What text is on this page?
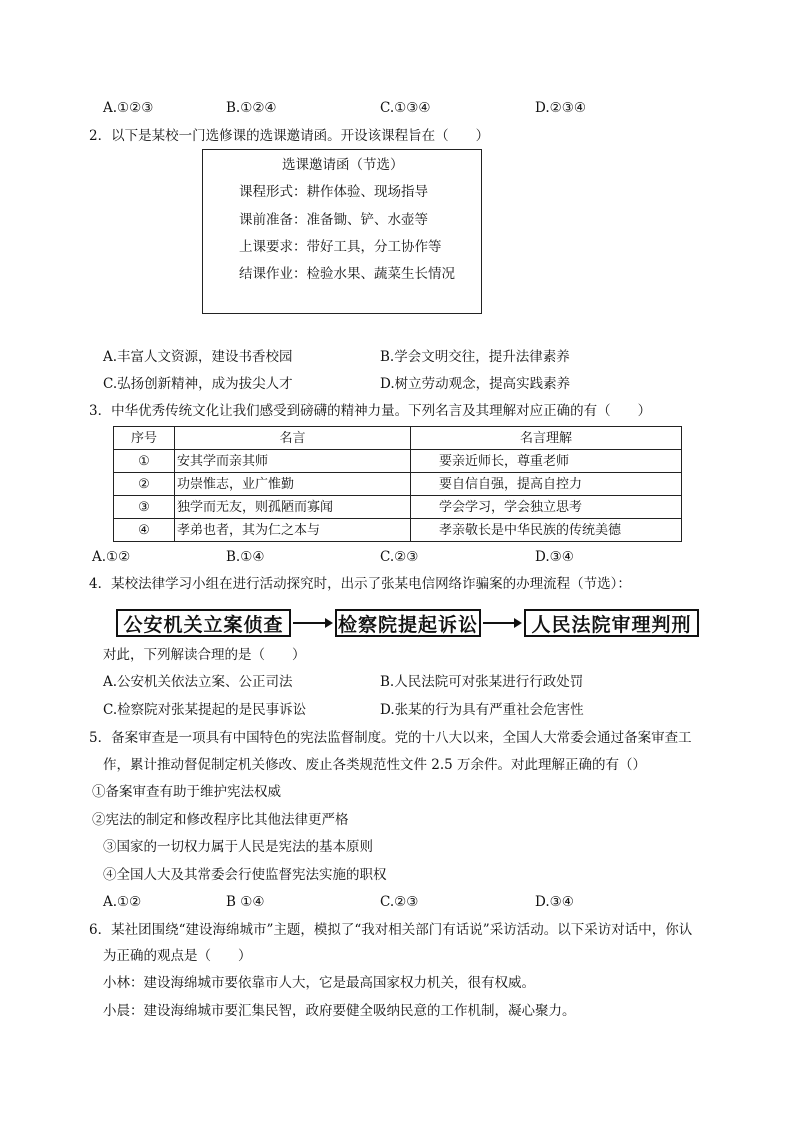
A.①②③	B.①②④	C.①③④	D.②③④
2．以下是某校一门选修课的选课邀请函。开设该课程旨在（　　）
选课邀请函（节选）
课程形式：耕作体验、现场指导
课前准备：准备锄、铲、水壶等
上课要求：带好工具，分工协作等
结课作业：检验水果、蔬菜生长情况
A.丰富人文资源，建设书香校园	B.学会文明交往，提升法律素养
C.弘扬创新精神，成为拔尖人才	D.树立劳动观念，提高实践素养
3．中华优秀传统文化让我们感受到磅礴的精神力量。下列名言及其理解对应正确的有（　　）
序号	名言	名言理解
①	安其学而亲其师	要亲近师长，尊重老师
②	功崇惟志，业广惟勤	要自信自强，提高自控力
③	独学而无友，则孤陋而寡闻	学会学习，学会独立思考
④	孝弟也者，其为仁之本与	孝亲敬长是中华民族的传统美德
A.①②	B.①④	C.②③	D.③④
4．某校法律学习小组在进行活动探究时，出示了张某电信网络诈骗案的办理流程（节选）：
公安机关立案侦查	检察院提起诉讼	人民法院审理判刑
对此，下列解读合理的是（　　）
A.公安机关依法立案、公正司法	B.人民法院可对张某进行行政处罚
C.检察院对张某提起的是民事诉讼	D.张某的行为具有严重社会危害性
5．备案审查是一项具有中国特色的宪法监督制度。党的十八大以来，全国人大常委会通过备案审查工
作，累计推动督促制定机关修改、废止各类规范性文件 2.5 万余件。对此理解正确的有（）
①备案审查有助于维护宪法权威
②宪法的制定和修改程序比其他法律更严格
③国家的一切权力属于人民是宪法的基本原则
④全国人大及其常委会行使监督宪法实施的职权
A.①②	B ①④	C.②③	D.③④
6．某社团围绕“建设海绵城市”主题，模拟了“我对相关部门有话说”采访活动。以下采访对话中，你认
为正确的观点是（　　）
小林：建设海绵城市要依靠市人大，它是最高国家权力机关，很有权威。
小晨：建设海绵城市要汇集民智，政府要健全吸纳民意的工作机制，凝心聚力。
